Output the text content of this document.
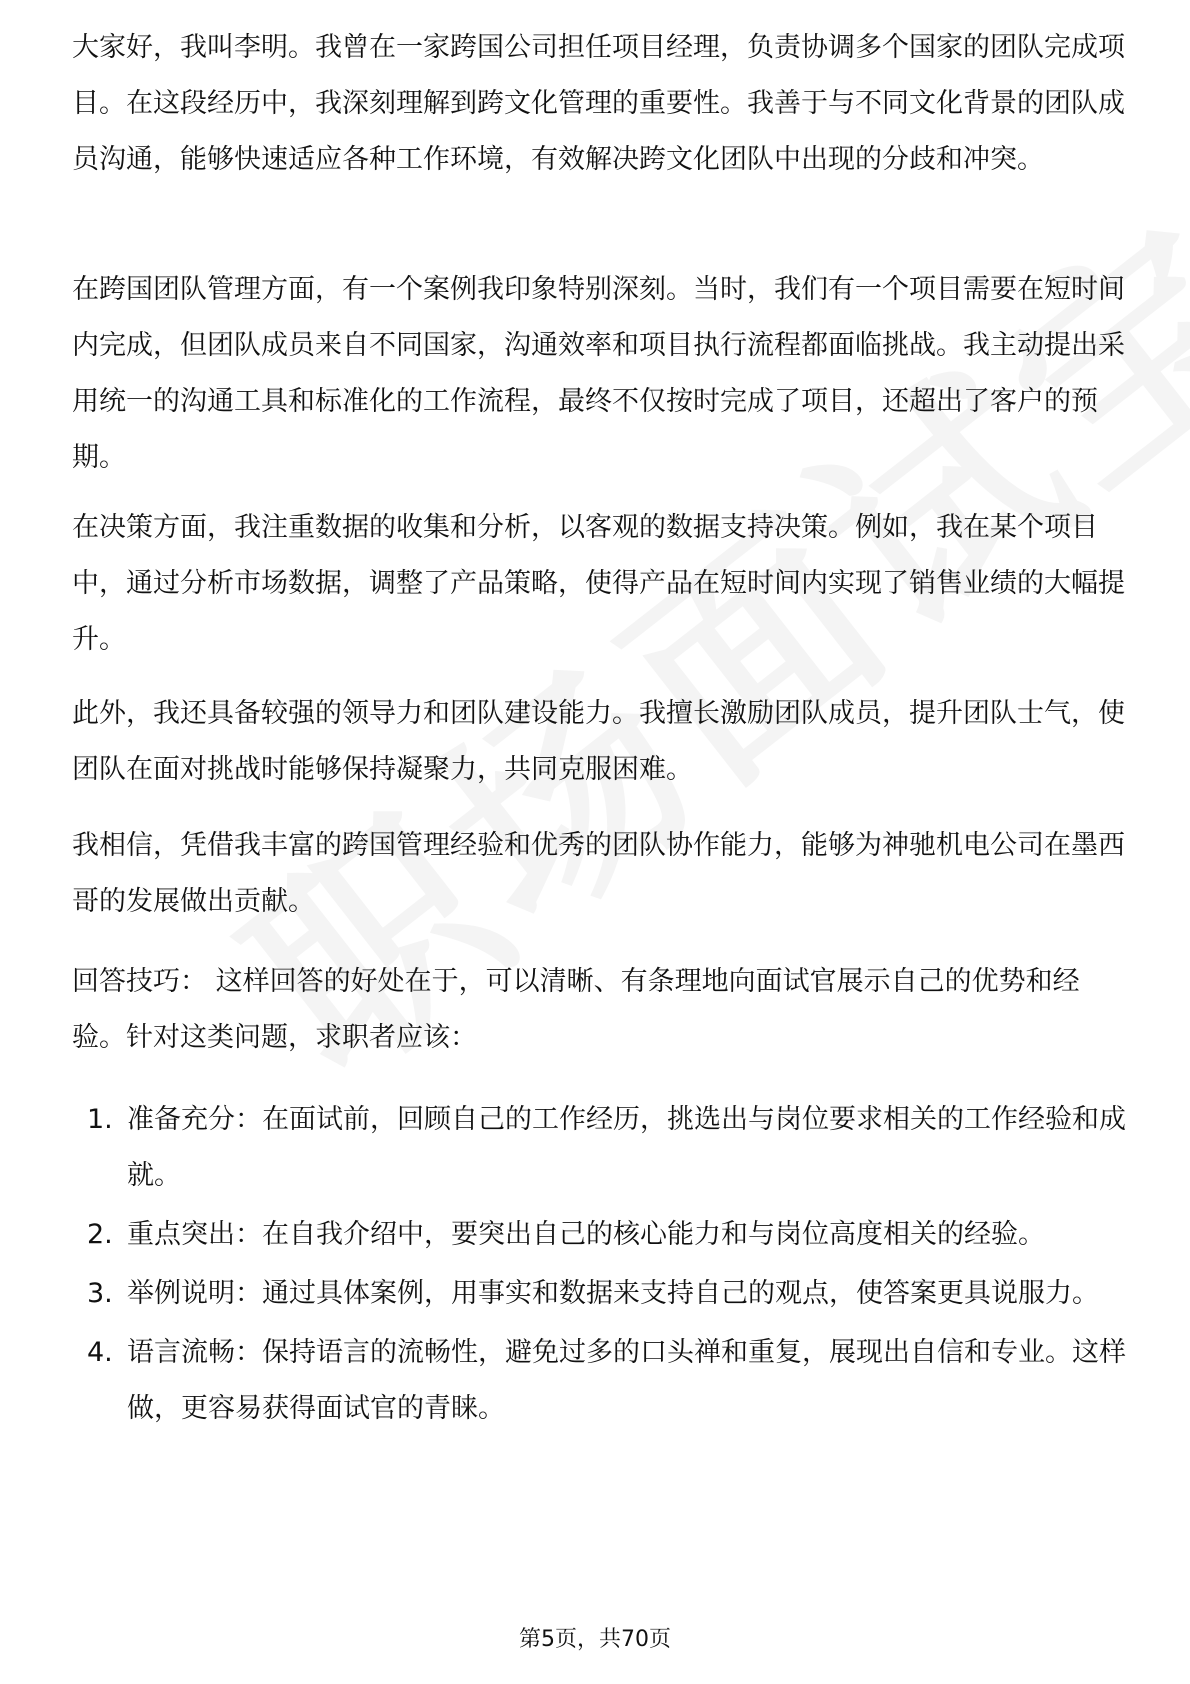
大家好，我叫李明。我曾在一家跨国公司担任项目经理，负责协调多个国家的团队完成项目。在这段经历中，我深刻理解到跨文化管理的重要性。我善于与不同文化背景的团队成员沟通，能够快速适应各种工作环境，有效解决跨文化团队中出现的分歧和冲突。

在跨国团队管理方面，有一个案例我印象特别深刻。当时，我们有一个项目需要在短时间内完成，但团队成员来自不同国家，沟通效率和项目执行流程都面临挑战。我主动提出采用统一的沟通工具和标准化的工作流程，最终不仅按时完成了项目，还超出了客户的预期。

在决策方面，我注重数据的收集和分析，以客观的数据支持决策。例如，我在某个项目中，通过分析市场数据，调整了产品策略，使得产品在短时间内实现了销售业绩的大幅提升。

此外，我还具备较强的领导力和团队建设能力。我擅长激励团队成员，提升团队士气，使团队在面对挑战时能够保持凝聚力，共同克服困难。

我相信，凭借我丰富的跨国管理经验和优秀的团队协作能力，能够为神驰机电公司在墨西哥的发展做出贡献。

回答技巧： 这样回答的好处在于，可以清晰、有条理地向面试官展示自己的优势和经验。针对这类问题，求职者应该：

1. 准备充分：在面试前，回顾自己的工作经历，挑选出与岗位要求相关的工作经验和成就。
2. 重点突出：在自我介绍中，要突出自己的核心能力和与岗位高度相关的经验。
3. 举例说明：通过具体案例，用事实和数据来支持自己的观点，使答案更具说服力。
4. 语言流畅：保持语言的流畅性，避免过多的口头禅和重复，展现出自信和专业。这样做，更容易获得面试官的青睐。
第5页，共70页
